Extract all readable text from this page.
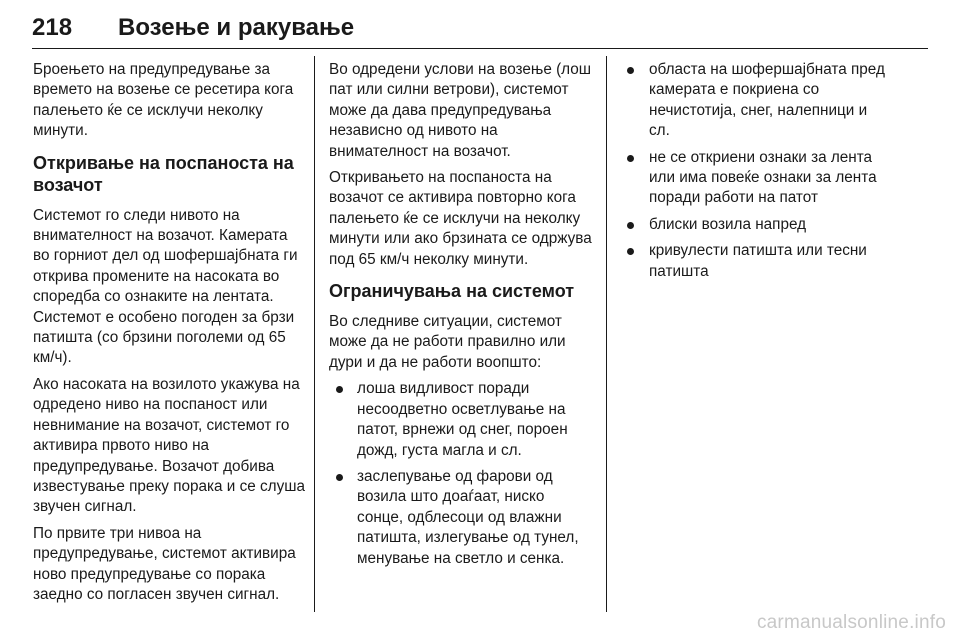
218 Возење и ракување

Броењето на предупредување за времето на возење се ресетира кога палењето ќе се исклучи неколку минути.

Откривање на поспаноста на возачот

Системот го следи нивото на внимателност на возачот. Камерата во горниот дел од шофершајбната ги открива промените на насоката во споредба со ознаките на лентата. Системот е особено погоден за брзи патишта (со брзини поголеми од 65 км/ч).

Ако насоката на возилото укажува на одредено ниво на поспаност или невнимание на возачот, системот го активира првото ниво на предупредување. Возачот добива известување преку порака и се слуша звучен сигнал.

По првите три нивоа на предупредување, системот активира ново предупредување со порака заедно со погласен звучен сигнал.

Во одредени услови на возење (лош пат или силни ветрови), системот може да дава предупредувања независно од нивото на внимателност на возачот.

Откривањето на поспаноста на возачот се активира повторно кога палењето ќе се исклучи на неколку минути или ако брзината се одржува под 65 км/ч неколку минути.

Ограничувања на системот

Во следниве ситуации, системот може да не работи правилно или дури и да не работи воопшто:

лоша видливост поради несоодветно осветлување на патот, врнежи од снег, пороен дожд, густа магла и сл.
заслепување од фарови од возила што доаѓаат, ниско сонце, одблесоци од влажни патишта, излегување од тунел, менување на светло и сенка.
областа на шофершајбната пред камерата е покриена со нечистотија, снег, налепници и сл.
не се откриени ознаки за лента или има повеќе ознаки за лента поради работи на патот
блиски возила напред
кривулести патишта или тесни патишта
carmanualsonline.info
